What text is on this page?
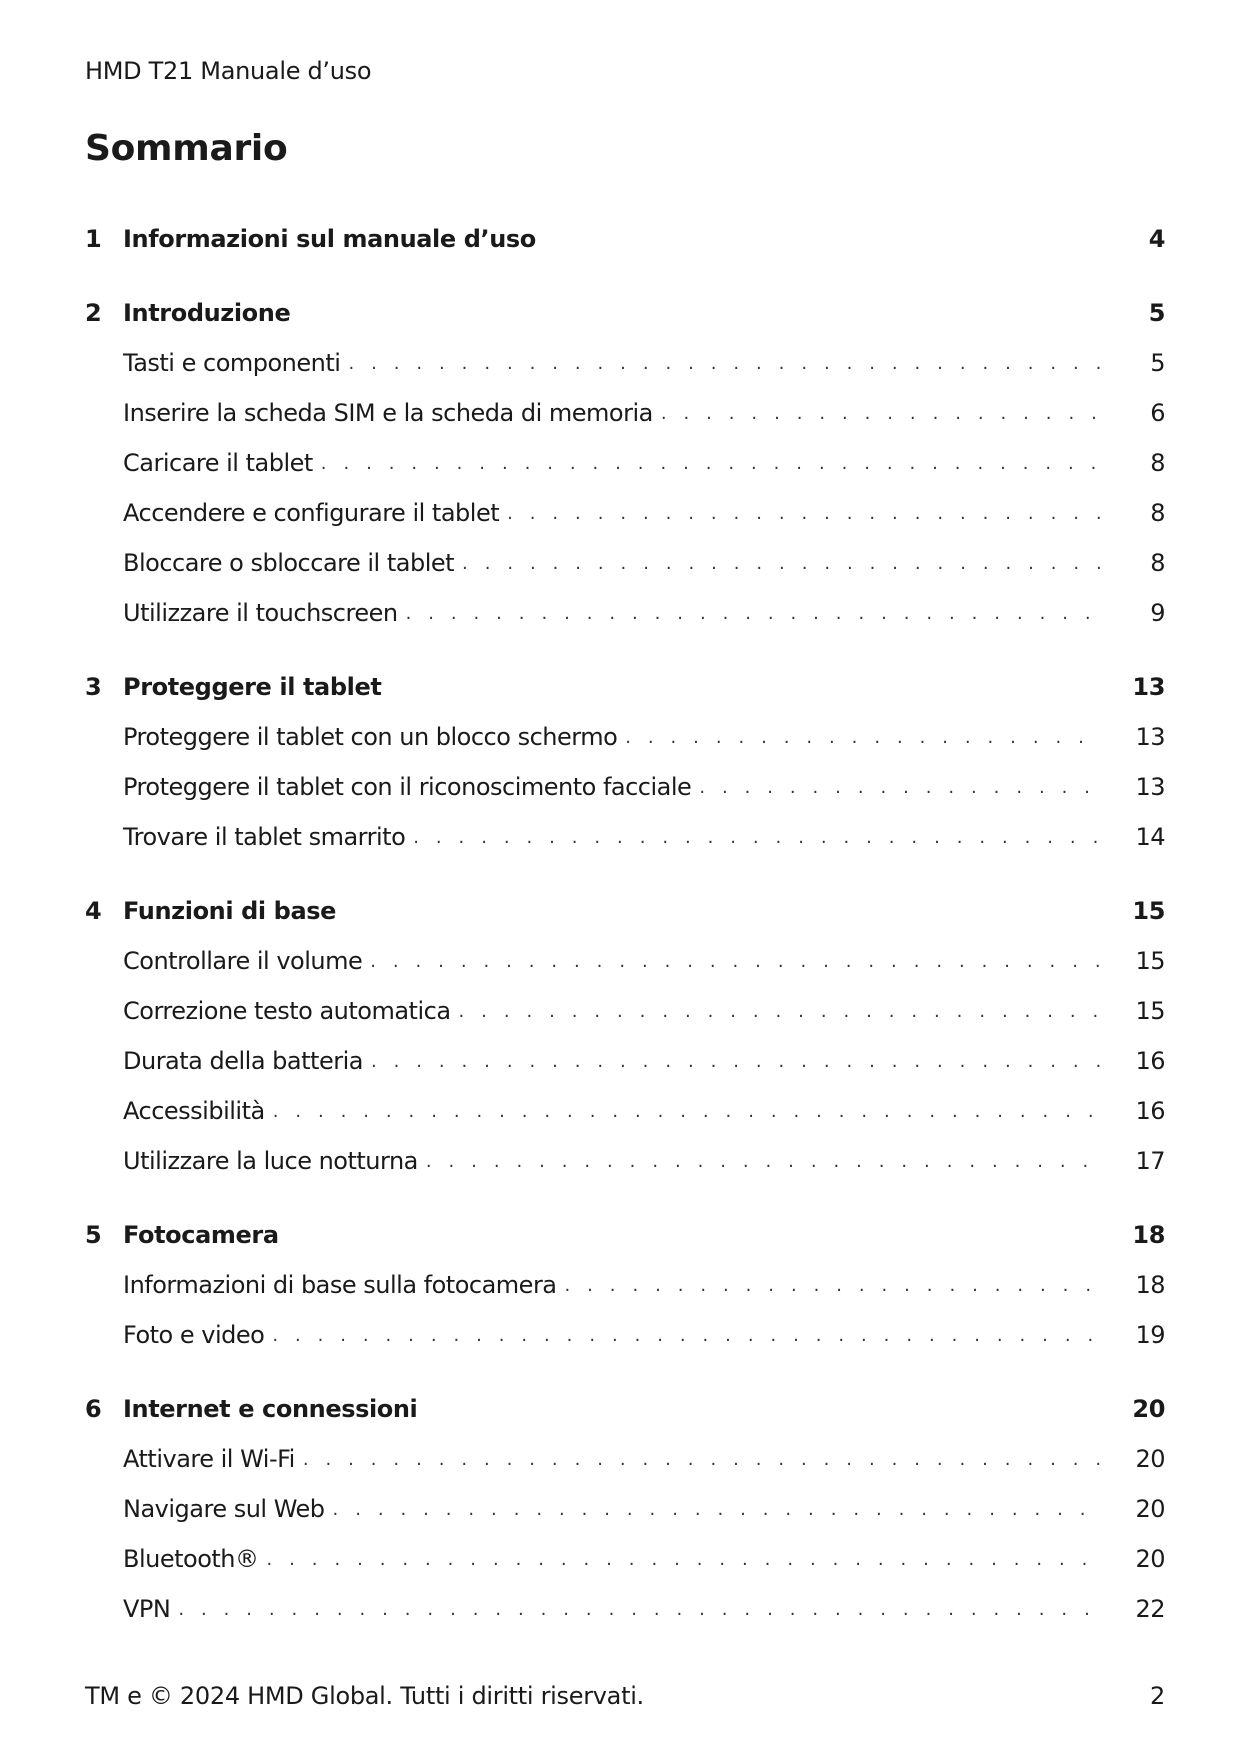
HMD T21 Manuale d’uso
Sommario
1 Informazioni sul manuale d’uso	4
2 Introduzione	5
Tasti e componenti . . .	5
Inserire la scheda SIM e la scheda di memoria . . .	6
Caricare il tablet . . .	8
Accendere e configurare il tablet . . .	8
Bloccare o sbloccare il tablet . . .	8
Utilizzare il touchscreen . . .	9
3 Proteggere il tablet	13
Proteggere il tablet con un blocco schermo . . .	13
Proteggere il tablet con il riconoscimento facciale . . .	13
Trovare il tablet smarrito . . .	14
4 Funzioni di base	15
Controllare il volume . . .	15
Correzione testo automatica . . .	15
Durata della batteria . . .	16
Accessibilità . . .	16
Utilizzare la luce notturna . . .	17
5 Fotocamera	18
Informazioni di base sulla fotocamera . . .	18
Foto e video . . .	19
6 Internet e connessioni	20
Attivare il Wi-Fi . . .	20
Navigare sul Web . . .	20
Bluetooth® . . .	20
VPN . . .	22
TM e © 2024 HMD Global. Tutti i diritti riservati.	2
